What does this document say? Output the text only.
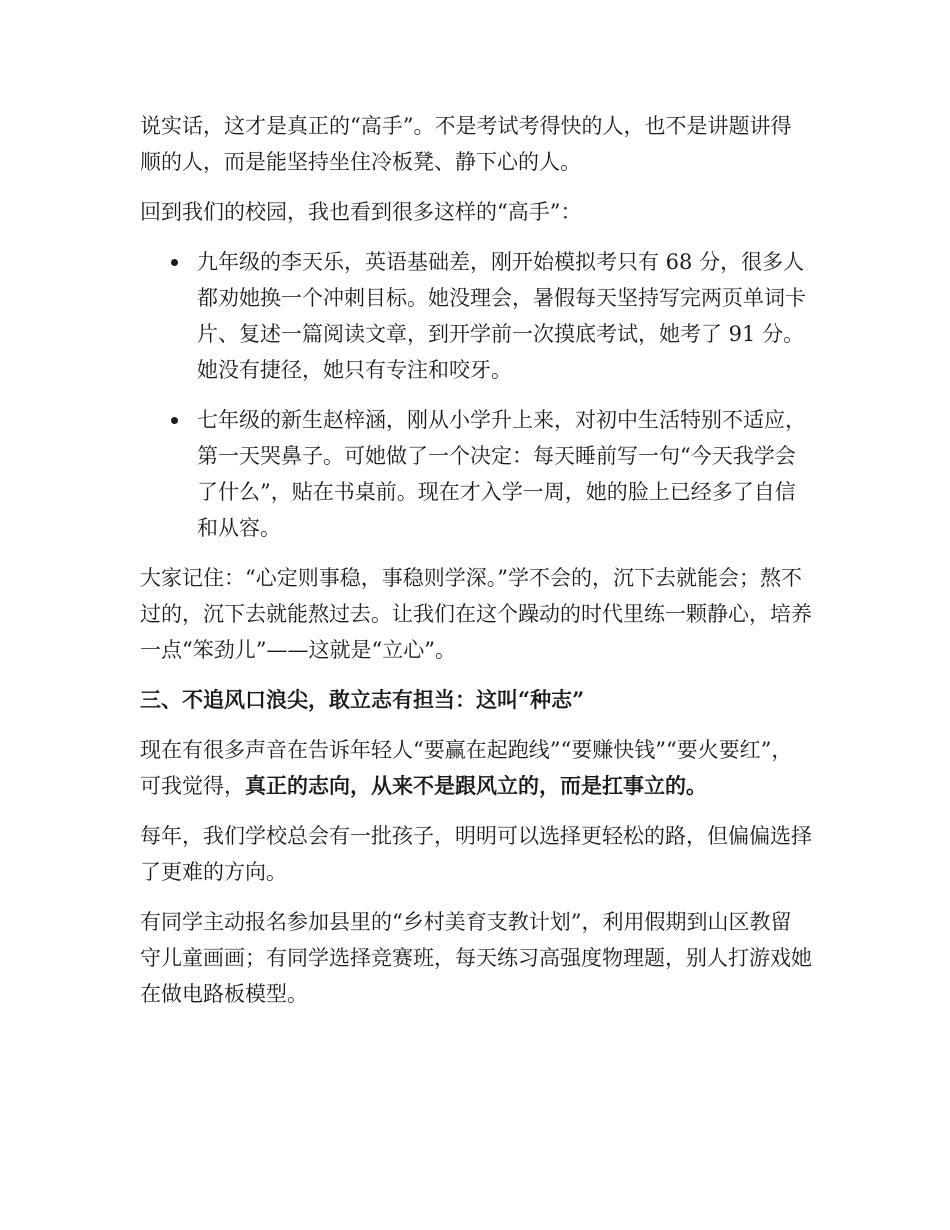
说实话，这才是真正的“高手”。不是考试考得快的人，也不是讲题讲得顺的人，而是能坚持坐住冷板凳、静下心的人。

回到我们的校园，我也看到很多这样的“高手”：

九年级的李天乐，英语基础差，刚开始模拟考只有 68 分，很多人都劝她换一个冲刺目标。她没理会，暑假每天坚持写完两页单词卡片、复述一篇阅读文章，到开学前一次摸底考试，她考了 91 分。她没有捷径，她只有专注和咬牙。
七年级的新生赵梓涵，刚从小学升上来，对初中生活特别不适应，第一天哭鼻子。可她做了一个决定：每天睡前写一句“今天我学会了什么”，贴在书桌前。现在才入学一周，她的脸上已经多了自信和从容。

大家记住：“心定则事稳，事稳则学深。”学不会的，沉下去就能会；熬不过的，沉下去就能熬过去。让我们在这个躁动的时代里练一颗静心，培养一点“笨劲儿”——这就是“立心”。

三、不追风口浪尖，敢立志有担当：这叫“种志”

现在有很多声音在告诉年轻人“要赢在起跑线”“要赚快钱”“要火要红”，可我觉得，真正的志向，从来不是跟风立的，而是扛事立的。

每年，我们学校总会有一批孩子，明明可以选择更轻松的路，但偏偏选择了更难的方向。

有同学主动报名参加县里的“乡村美育支教计划”，利用假期到山区教留守儿童画画；有同学选择竞赛班，每天练习高强度物理题，别人打游戏她在做电路板模型。
